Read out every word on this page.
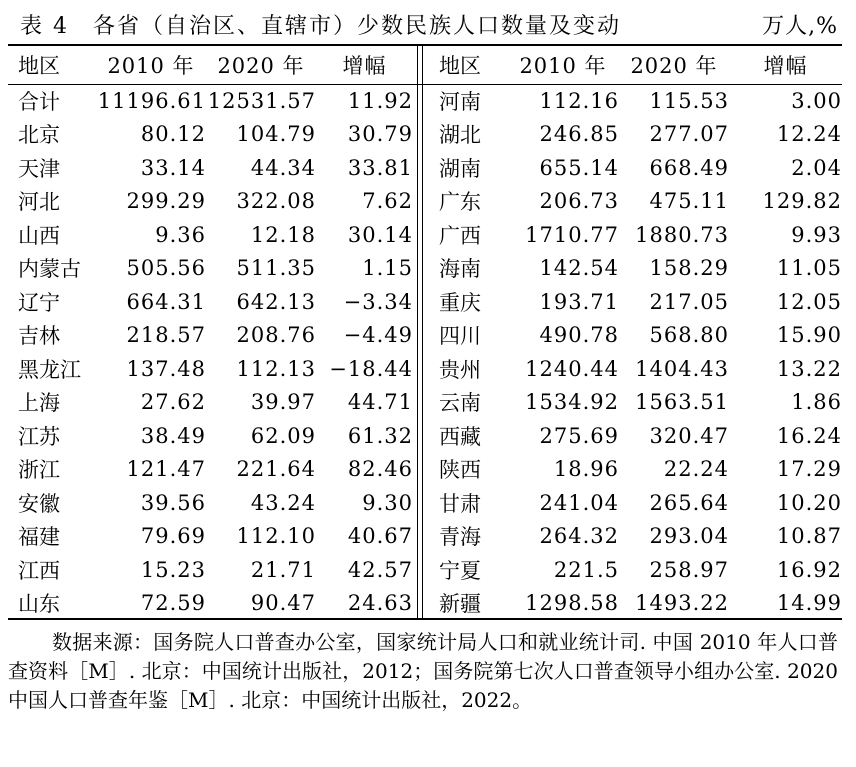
表 4　各省（自治区、直辖市）少数民族人口数量及变动	万人,%
地区	2010 年	2020 年	增幅
合计	11196.61	12531.57	11.92
北京	80.12	104.79	30.79
天津	33.14	44.34	33.81
河北	299.29	322.08	7.62
山西	9.36	12.18	30.14
内蒙古	505.56	511.35	1.15
辽宁	664.31	642.13	−3.34
吉林	218.57	208.76	−4.49
黑龙江	137.48	112.13	−18.44
上海	27.62	39.97	44.71
江苏	38.49	62.09	61.32
浙江	121.47	221.64	82.46
安徽	39.56	43.24	9.30
福建	79.69	112.10	40.67
江西	15.23	21.71	42.57
山东	72.59	90.47	24.63
地区	2010 年	2020 年	增幅
河南	112.16	115.53	3.00
湖北	246.85	277.07	12.24
湖南	655.14	668.49	2.04
广东	206.73	475.11	129.82
广西	1710.77	1880.73	9.93
海南	142.54	158.29	11.05
重庆	193.71	217.05	12.05
四川	490.78	568.80	15.90
贵州	1240.44	1404.43	13.22
云南	1534.92	1563.51	1.86
西藏	275.69	320.47	16.24
陕西	18.96	22.24	17.29
甘肃	241.04	265.64	10.20
青海	264.32	293.04	10.87
宁夏	221.5	258.97	16.92
新疆	1298.58	1493.22	14.99
数据来源：国务院人口普查办公室，国家统计局人口和就业统计司. 中国 2010 年人口普查资料［M］. 北京：中国统计出版社，2012；国务院第七次人口普查领导小组办公室. 2020 中国人口普查年鉴［M］. 北京：中国统计出版社，2022。
